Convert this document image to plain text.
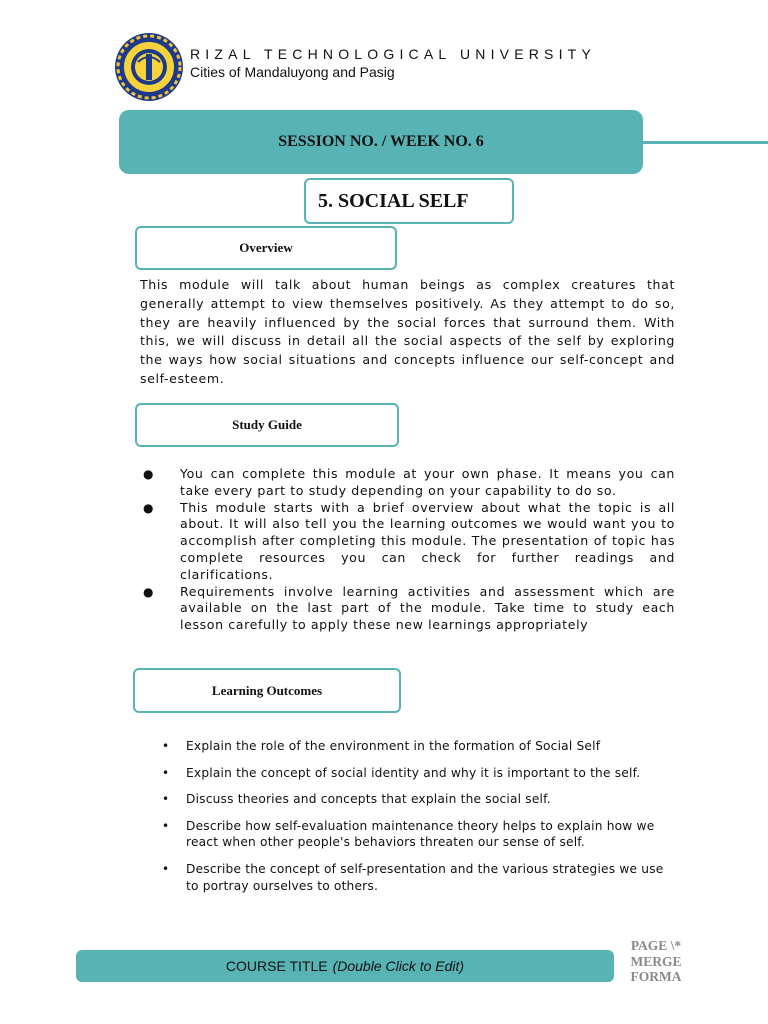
RIZAL TECHNOLOGICAL UNIVERSITY
Cities of Mandaluyong and Pasig
SESSION NO. / WEEK NO. 6
5. SOCIAL SELF
Overview
This module will talk about human beings as complex creatures that generally attempt to view themselves positively. As they attempt to do so, they are heavily influenced by the social forces that surround them. With this, we will discuss in detail all the social aspects of the self by exploring the ways how social situations and concepts influence our self-concept and self-esteem.
Study Guide
● You can complete this module at your own phase. It means you can take every part to study depending on your capability to do so.
● This module starts with a brief overview about what the topic is all about. It will also tell you the learning outcomes we would want you to accomplish after completing this module. The presentation of topic has complete resources you can check for further readings and clarifications.
● Requirements involve learning activities and assessment which are available on the last part of the module. Take time to study each lesson carefully to apply these new learnings appropriately
Learning Outcomes
• Explain the role of the environment in the formation of Social Self
• Explain the concept of social identity and why it is important to the self.
• Discuss theories and concepts that explain the social self.
• Describe how self-evaluation maintenance theory helps to explain how we react when other people's behaviors threaten our sense of self.
• Describe the concept of self-presentation and the various strategies we use to portray ourselves to others.
COURSE TITLE (Double Click to Edit)
PAGE \* MERGE FORMA
